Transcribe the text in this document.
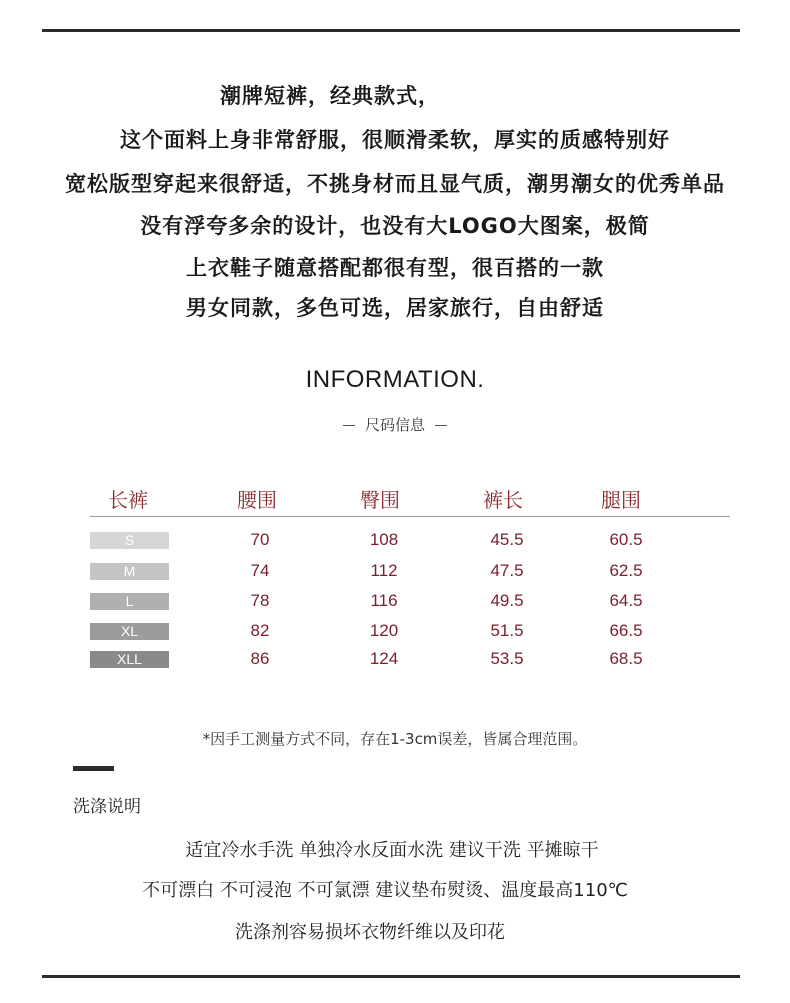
潮牌短裤，经典款式，
这个面料上身非常舒服，很顺滑柔软，厚实的质感特别好
宽松版型穿起来很舒适，不挑身材而且显气质，潮男潮女的优秀单品
没有浮夸多余的设计，也没有大LOGO大图案，极简
上衣鞋子随意搭配都很有型，很百搭的一款
男女同款，多色可选，居家旅行，自由舒适
INFORMATION.
尺码信息
长裤	腰围	臀围	裤长	腿围
S	70	108	45.5	60.5
M	74	112	47.5	62.5
L	78	116	49.5	64.5
XL	82	120	51.5	66.5
XLL	86	124	53.5	68.5
*因手工测量方式不同，存在1-3cm误差，皆属合理范围。
洗涤说明
适宜冷水手洗 单独冷水反面水洗 建议干洗 平摊晾干
不可漂白 不可浸泡 不可氯漂 建议垫布熨烫、温度最高110℃
洗涤剂容易损坏衣物纤维以及印花
